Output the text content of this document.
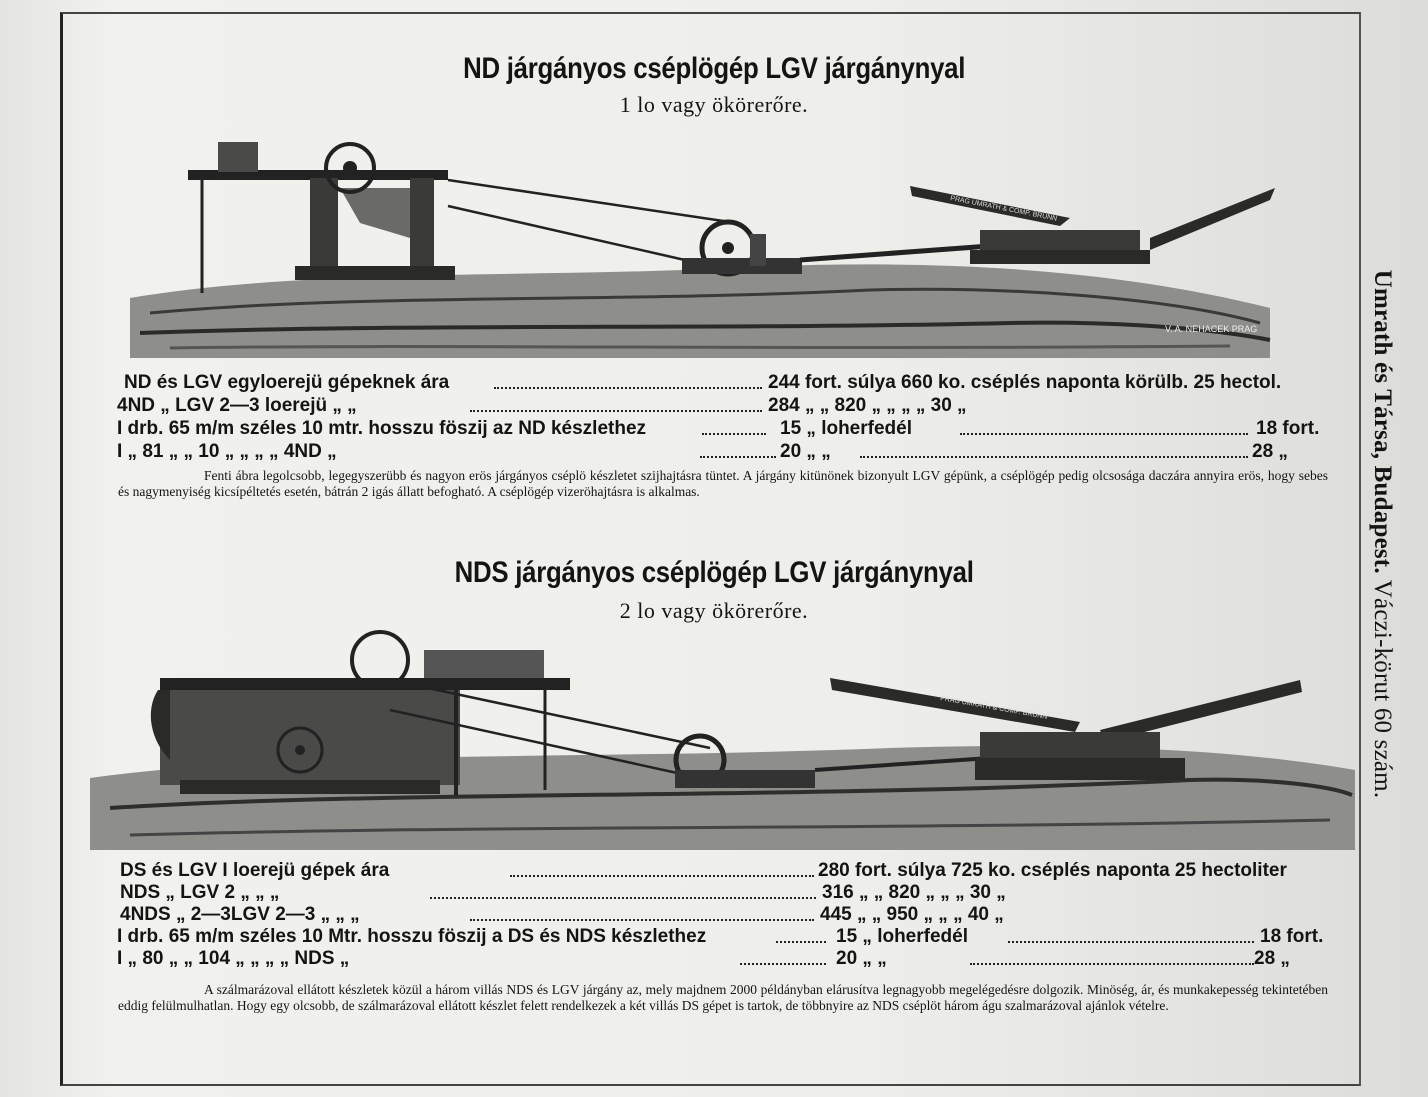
Umrath és Társa, Budapest. Váczi-körut 60 szám.
ND járgányos cséplögép LGV járgánynyal
1 lo vagy ökörerőre.
PRAG UMRATH & COMP. BRÜNN
V. A. NEHACEK PRAG
ND és LGV egyloerejü gépeknek ára	244 fort. súlya 660 ko. cséplés naponta körülb. 25 hectol.
4ND „ LGV 2—3 loerejü „ „	284 „ „ 820 „ „ „ „ 30 „
I drb. 65 m/m széles 10 mtr. hosszu föszij az ND készlethez	15 „ loherfedél	18 fort.
I „ 81 „ „ 10 „ „ „ „ 4ND „	20 „ „	28 „

Fenti ábra legolcsobb, legegyszerübb és nagyon erös járgányos cséplö készletet szijhajtásra tüntet. A járgány kitünönek bizonyult LGV gépünk, a cséplögép pedig olcsosága daczára annyira erös, hogy sebes és nagymenyiség kicsípéltetés esetén, bátrán 2 igás állatt befogható. A cséplögép vizeröhajtásra is alkalmas.

NDS járgányos cséplögép LGV járgánynyal
2 lo vagy ökörerőre.
PRAG UMRATH & COMP. BRÜNN
DS és LGV I loerejü gépek ára	280 fort. súlya 725 ko. cséplés naponta 25 hectoliter
NDS „ LGV 2 „ „ „	316 „ „ 820 „ „ „ 30 „
4NDS „ 2—3LGV 2—3 „ „ „	445 „ „ 950 „ „ „ 40 „
I drb. 65 m/m széles 10 Mtr. hosszu föszij a DS és NDS készlethez	15 „ loherfedél	18 fort.
I „ 80 „ „ 104 „ „ „ „ NDS „	20 „ „	28 „

A szálmarázoval ellátott készletek közül a három villás NDS és LGV járgány az, mely majdnem 2000 példányban elárusítva legnagyobb megelégedésre dolgozik. Minöség, ár, és munkakepesség tekintetében eddig felülmulhatlan. Hogy egy olcsobb, de szálmarázoval ellátott készlet felett rendelkezek a két villás DS gépet is tartok, de többnyire az NDS cséplöt három águ szalmarázoval ajánlok vételre.
